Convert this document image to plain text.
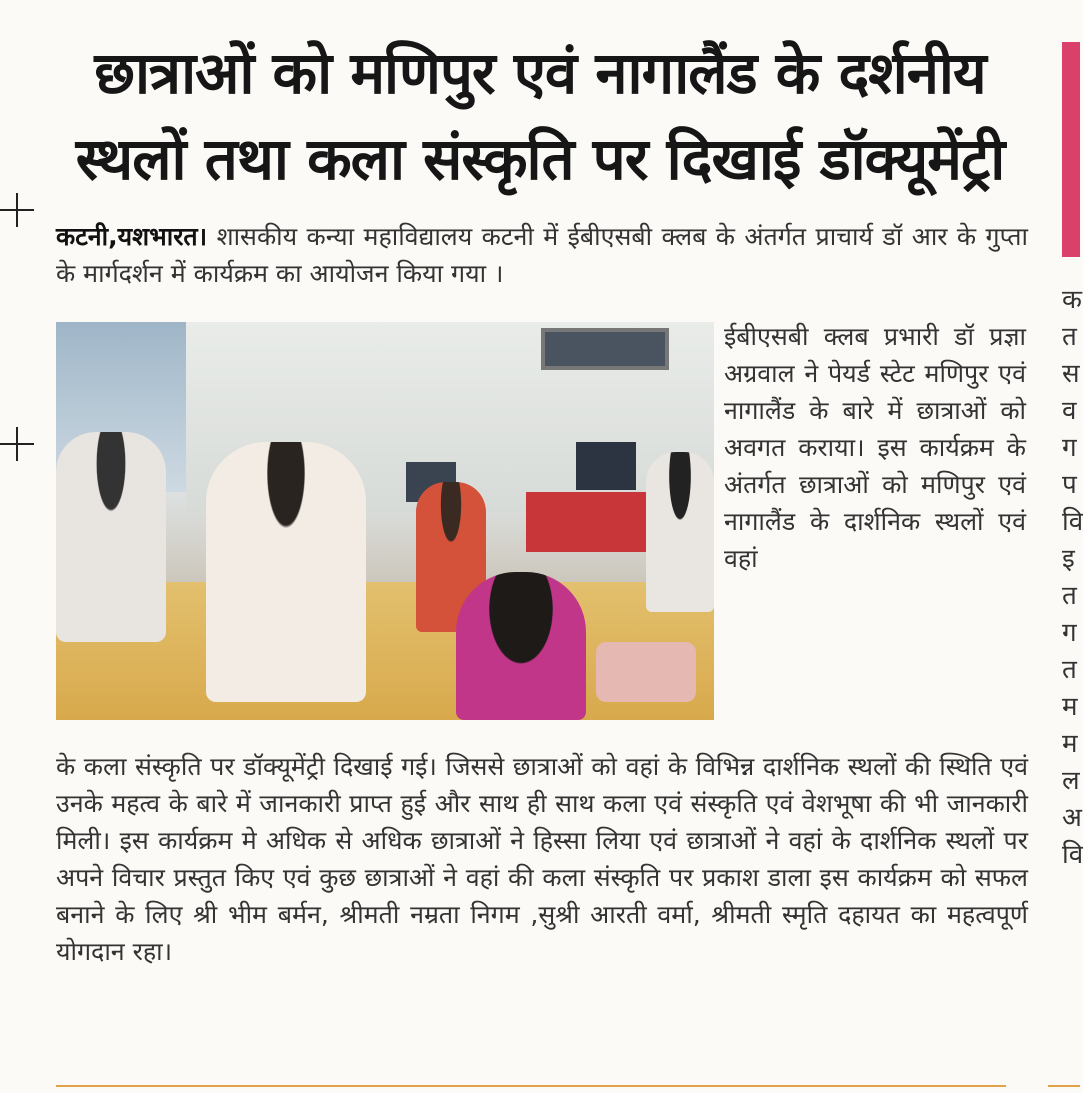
छात्राओं को मणिपुर एवं नागालैंड के दर्शनीय
स्थलों तथा कला संस्कृति पर दिखाई डॉक्यूमेंट्री

कटनी,यशभारत। शासकीय कन्या महाविद्यालय कटनी में ईबीएसबी क्लब के अंतर्गत प्राचार्य डॉ आर के गुप्ता के मार्गदर्शन में कार्यक्रम का आयोजन किया गया ।

ईबीएसबी क्लब प्रभारी डॉ प्रज्ञा अग्रवाल ने पेयर्ड स्टेट मणिपुर एवं नागालैंड के बारे में छात्राओं को अवगत कराया। इस कार्यक्रम के अंतर्गत छात्राओं को मणिपुर एवं नागालैंड के दार्शनिक स्थलों एवं वहां

के कला संस्कृति पर डॉक्यूमेंट्री दिखाई गई। जिससे छात्राओं को वहां के विभिन्न दार्शनिक स्थलों की स्थिति एवं उनके महत्व के बारे में जानकारी प्राप्त हुई और साथ ही साथ कला एवं संस्कृति एवं वेशभूषा की भी जानकारी मिली। इस कार्यक्रम मे अधिक से अधिक छात्राओं ने हिस्सा लिया एवं छात्राओं ने वहां के दार्शनिक स्थलों पर अपने विचार प्रस्तुत किए एवं कुछ छात्राओं ने वहां की कला संस्कृति पर प्रकाश डाला इस कार्यक्रम को सफल बनाने के लिए श्री भीम बर्मन, श्रीमती नम्रता निगम ,सुश्री आरती वर्मा, श्रीमती स्मृति दहायत का महत्वपूर्ण योगदान रहा।

क
त
स
व
ग
प
वि
इ
त
ग
त
म
म
ल
अ
वि
